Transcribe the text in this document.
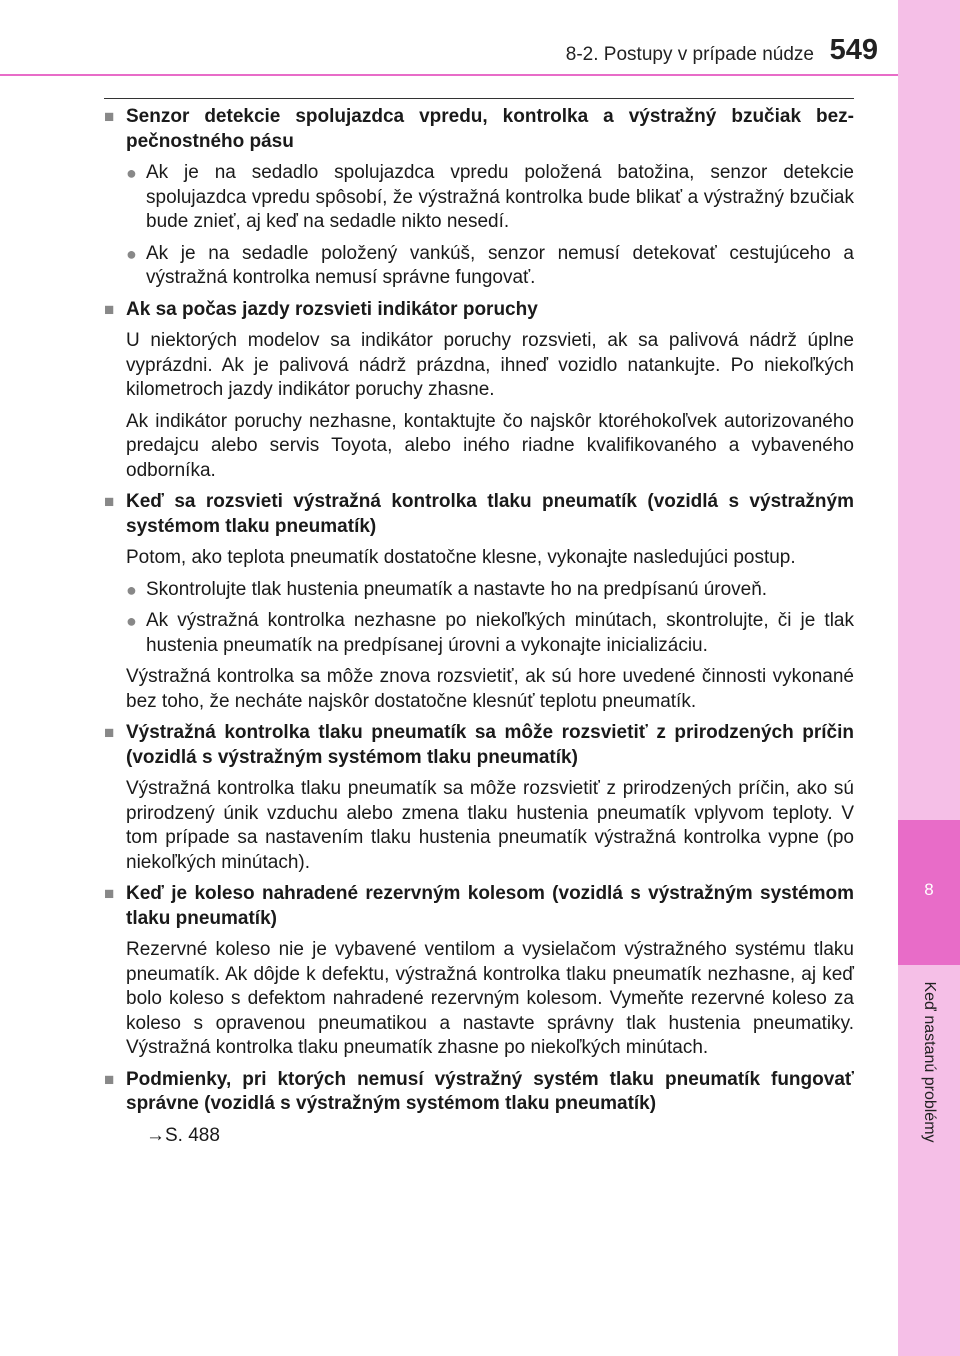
8
Keď nastanú problémy
8-2. Postupy v prípade núdze 549
■ Senzor detekcie spolujazdca vpredu, kontrolka a výstražný bzučiak bezpečnostného pásu
● Ak je na sedadlo spolujazdca vpredu položená batožina, senzor detekcie spolujazdca vpredu spôsobí, že výstražná kontrolka bude blikať a výstražný bzučiak bude znieť, aj keď na sedadle nikto nesedí.
● Ak je na sedadle položený vankúš, senzor nemusí detekovať cestujúceho a výstražná kontrolka nemusí správne fungovať.
■ Ak sa počas jazdy rozsvieti indikátor poruchy
U niektorých modelov sa indikátor poruchy rozsvieti, ak sa palivová nádrž úplne vyprázdni. Ak je palivová nádrž prázdna, ihneď vozidlo natankujte. Po niekoľkých kilometroch jazdy indikátor poruchy zhasne.
Ak indikátor poruchy nezhasne, kontaktujte čo najskôr ktoréhokoľvek autorizovaného predajcu alebo servis Toyota, alebo iného riadne kvalifikovaného a vybaveného odborníka.
■ Keď sa rozsvieti výstražná kontrolka tlaku pneumatík (vozidlá s výstražným systémom tlaku pneumatík)
Potom, ako teplota pneumatík dostatočne klesne, vykonajte nasledujúci postup.
● Skontrolujte tlak hustenia pneumatík a nastavte ho na predpísanú úroveň.
● Ak výstražná kontrolka nezhasne po niekoľkých minútach, skontrolujte, či je tlak hustenia pneumatík na predpísanej úrovni a vykonajte inicializáciu.
Výstražná kontrolka sa môže znova rozsvietiť, ak sú hore uvedené činnosti vykonané bez toho, že necháte najskôr dostatočne klesnúť teplotu pneumatík.
■ Výstražná kontrolka tlaku pneumatík sa môže rozsvietiť z prirodzených príčin (vozidlá s výstražným systémom tlaku pneumatík)
Výstražná kontrolka tlaku pneumatík sa môže rozsvietiť z prirodzených príčin, ako sú prirodzený únik vzduchu alebo zmena tlaku hustenia pneumatík vplyvom teploty. V tom prípade sa nastavením tlaku hustenia pneumatík výstražná kontrolka vypne (po niekoľkých minútach).
■ Keď je koleso nahradené rezervným kolesom (vozidlá s výstražným systémom tlaku pneumatík)
Rezervné koleso nie je vybavené ventilom a vysielačom výstražného systému tlaku pneumatík. Ak dôjde k defektu, výstražná kontrolka tlaku pneumatík nezhasne, aj keď bolo koleso s defektom nahradené rezervným kolesom. Vymeňte rezervné koleso za koleso s opravenou pneumatikou a nastavte správny tlak hustenia pneumatiky. Výstražná kontrolka tlaku pneumatík zhasne po niekoľkých minútach.
■ Podmienky, pri ktorých nemusí výstražný systém tlaku pneumatík fungovať správne (vozidlá s výstražným systémom tlaku pneumatík)
→S. 488
